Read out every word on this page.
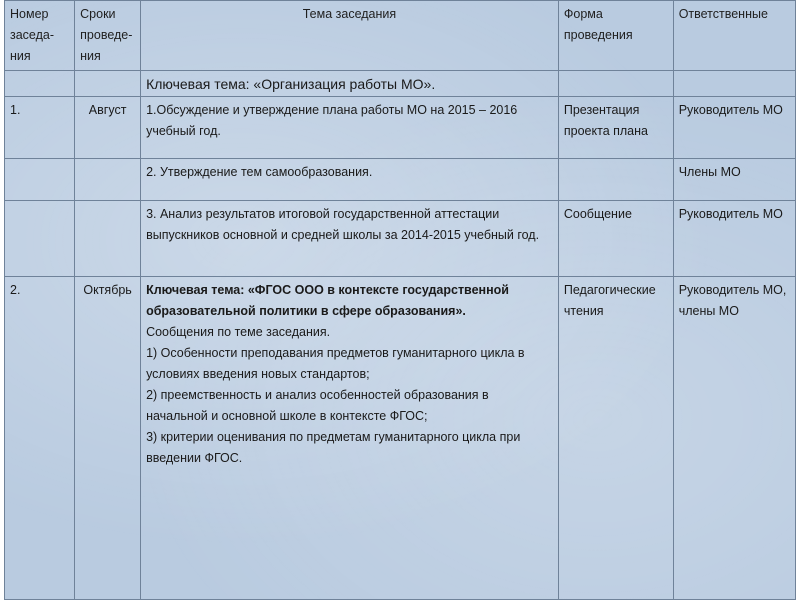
Номер заседа-ния	Сроки проведе-ния	Тема заседания	Форма проведения	Ответственные
		Ключевая тема: «Организация работы МО».		
1.	Август	1.Обсуждение и утверждение плана работы МО на 2015 – 2016 учебный год.	Презентация проекта плана	Руководитель МО
		2. Утверждение тем самообразования.		Члены МО
		3. Анализ результатов итоговой государственной аттестации выпускников основной и средней школы за 2014-2015 учебный год.	Сообщение	Руководитель МО
2.	Октябрь	Ключевая тема: «ФГОС ООО в контексте государственной образовательной политики в сфере образования».
Сообщения по теме заседания.
1) Особенности преподавания предметов гуманитарного цикла в условиях введения новых стандартов;
2) преемственность и анализ особенностей образования в начальной и основной школе в контексте ФГОС;
3) критерии оценивания по предметам гуманитарного цикла при введении ФГОС.	Педагогические чтения	Руководитель МО, члены МО
